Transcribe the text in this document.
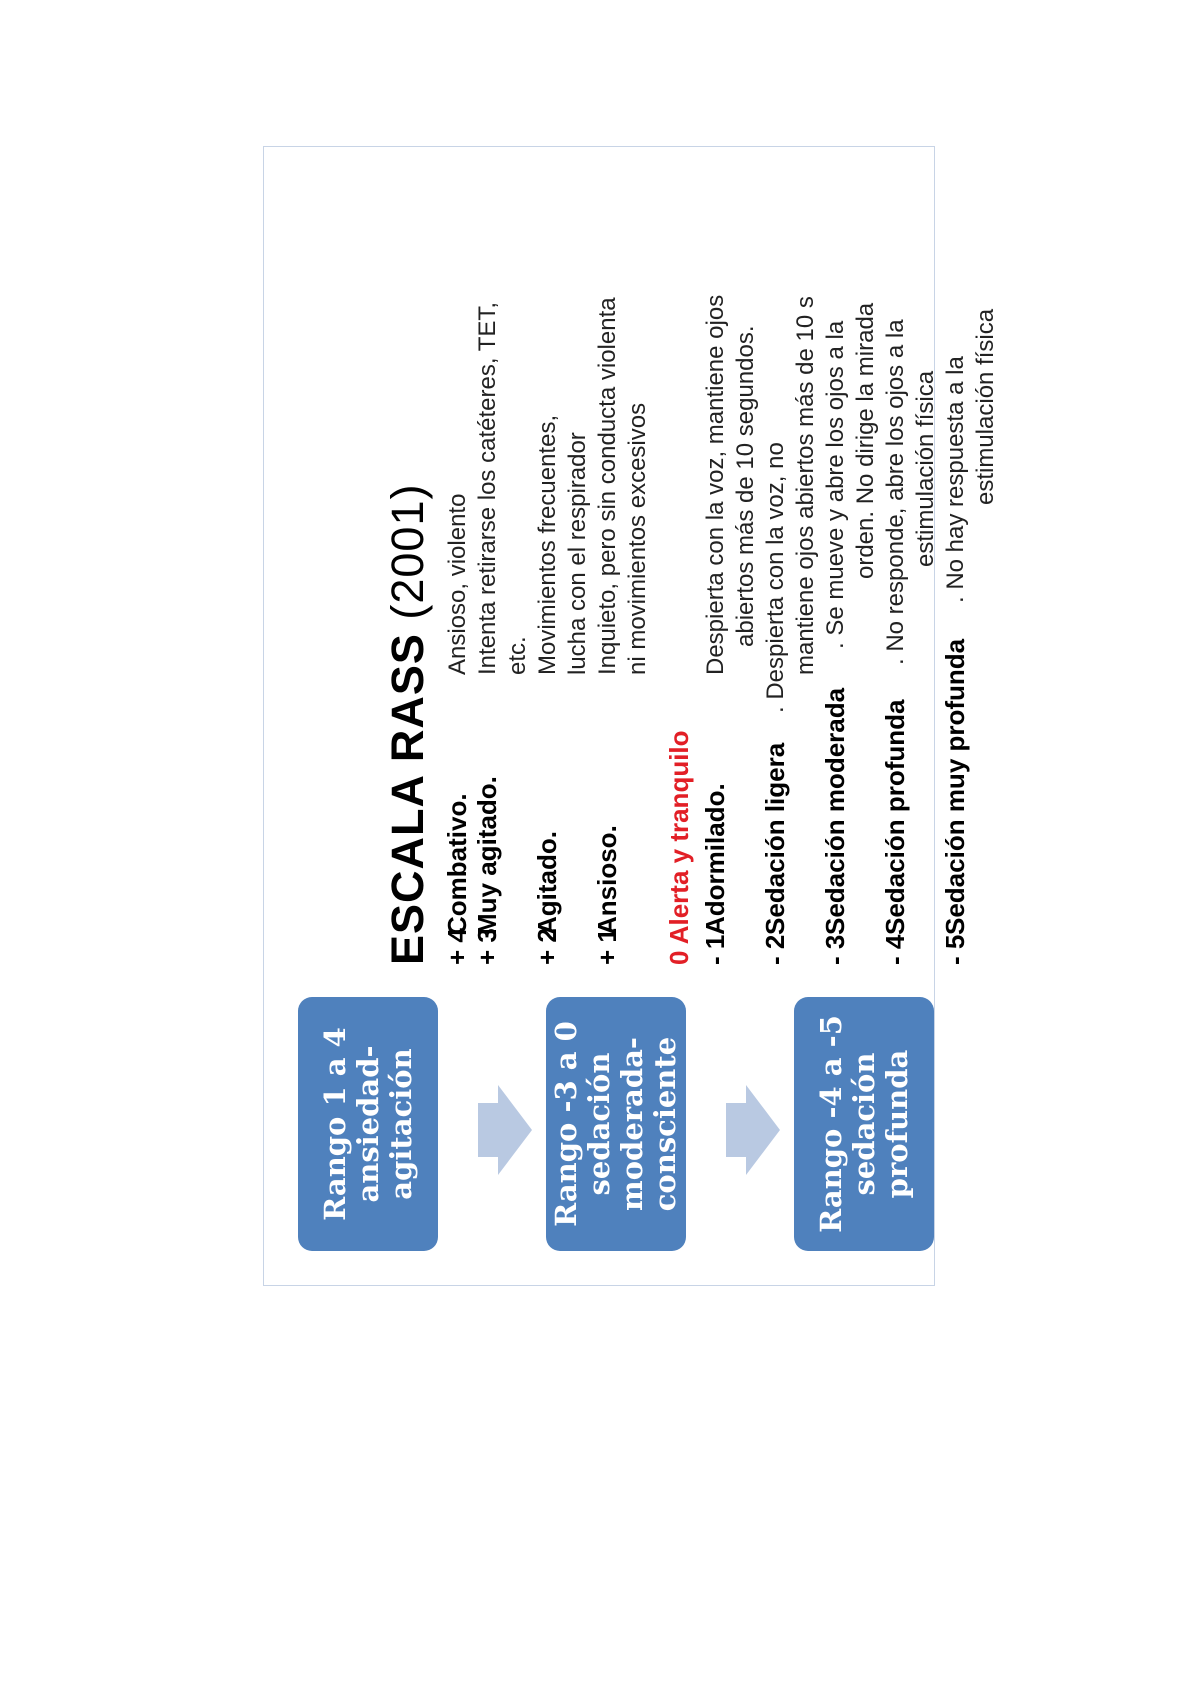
Rango 1 a 4 ansiedad- agitación	Rango -3 a 0 sedación moderada- consciente	Rango -4 a -5 sedación profunda
ESCALA RASS (2001)
+ 4
Combativo.
Ansioso, violento
+ 3
Muy agitado.
Intenta retirarse los catéteres, TET, etc.
+ 2
Agitado.
Movimientos frecuentes, lucha con el respirador
+ 1
Ansioso.
Inquieto, pero sin conducta violenta ni movimientos excesivos
0 Alerta y tranquilo - 1
Adormilado.
Despierta con la voz, mantiene ojos abiertos más de 10 segundos.
- 2
Sedación ligera
. Despierta con la voz, no mantiene ojos abiertos más de 10 s
- 3
Sedación moderada
. Se mueve y abre los ojos a la orden. No dirige la mirada
- 4
Sedación profunda
. No responde, abre los ojos a la estimulación física
- 5
Sedación muy profunda
. No hay respuesta a la estimulación física
